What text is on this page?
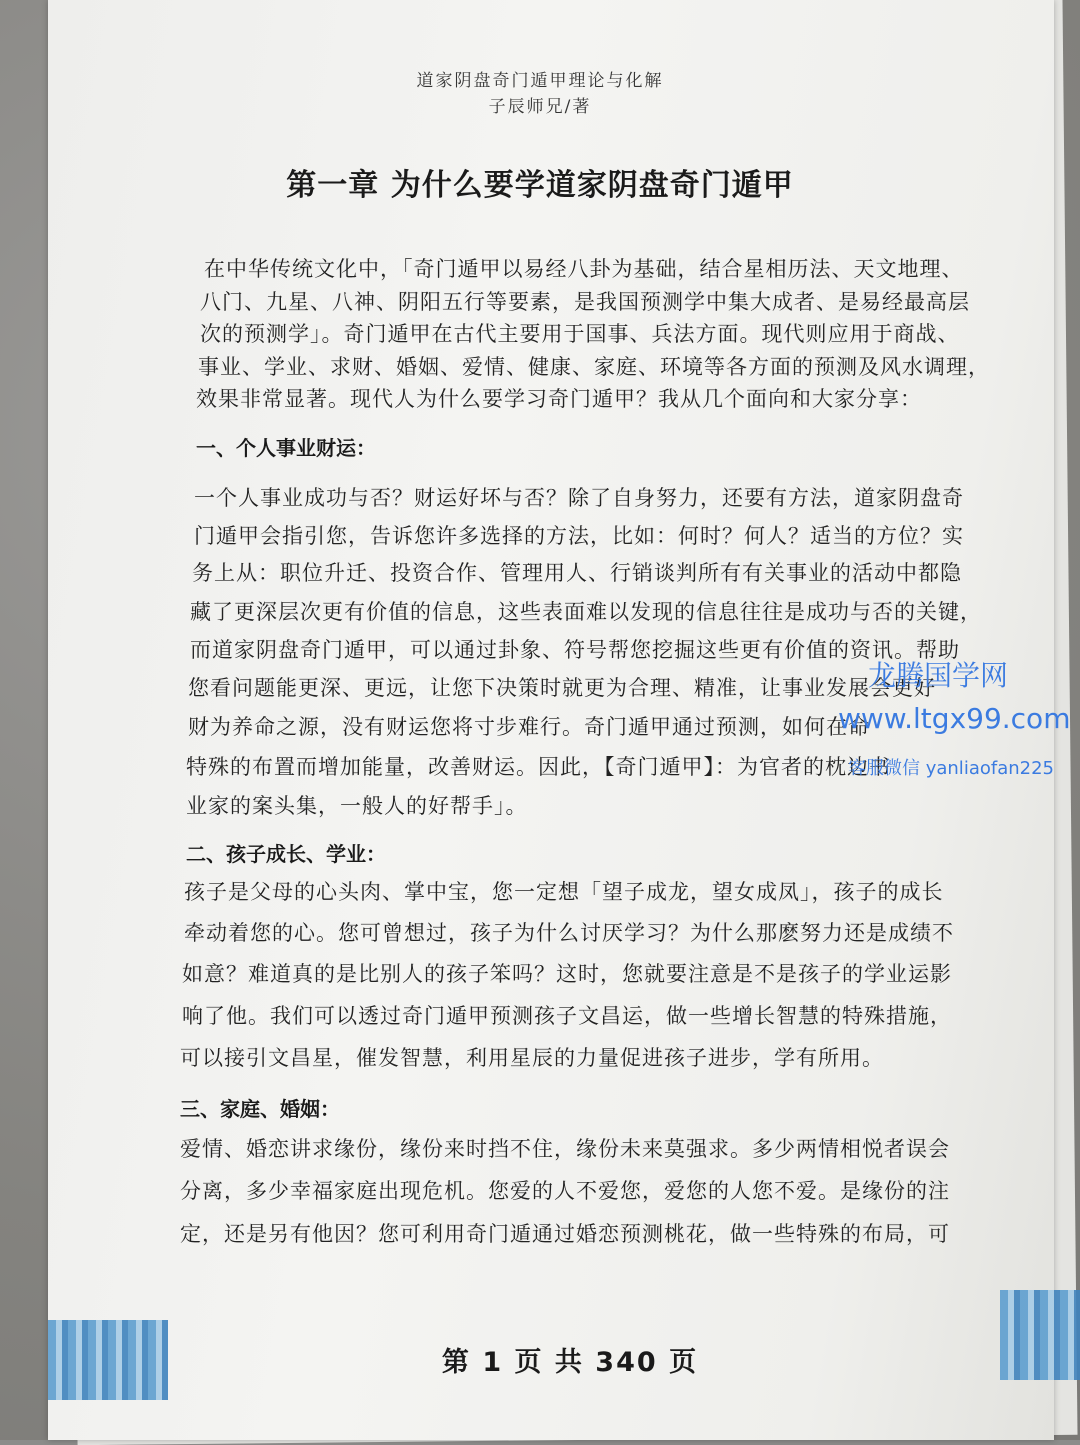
道家阴盘奇门遁甲理论与化解
子辰师兄/著
第一章 为什么要学道家阴盘奇门遁甲
在中华传统文化中，「奇门遁甲以易经八卦为基础，结合星相历法、天文地理、
八门、九星、八神、阴阳五行等要素，是我国预测学中集大成者、是易经最高层
次的预测学」。奇门遁甲在古代主要用于国事、兵法方面。现代则应用于商战、
事业、学业、求财、婚姻、爱情、健康、家庭、环境等各方面的预测及风水调理，
效果非常显著。现代人为什么要学习奇门遁甲？我从几个面向和大家分享：
一、个人事业财运：
一个人事业成功与否？财运好坏与否？除了自身努力，还要有方法，道家阴盘奇
门遁甲会指引您，告诉您许多选择的方法，比如：何时？何人？适当的方位？实
务上从：职位升迁、投资合作、管理用人、行销谈判所有有关事业的活动中都隐
藏了更深层次更有价值的信息，这些表面难以发现的信息往往是成功与否的关键，
而道家阴盘奇门遁甲，可以通过卦象、符号帮您挖掘这些更有价值的资讯。帮助
您看问题能更深、更远，让您下决策时就更为合理、精准，让事业发展会更好
财为养命之源，没有财运您将寸步难行。奇门遁甲通过预测，如何在命
特殊的布置而增加能量，改善财运。因此，【奇门遁甲】：为官者的枕边书
业家的案头集，一般人的好帮手」。
二、孩子成长、学业：
孩子是父母的心头肉、掌中宝，您一定想「望子成龙，望女成凤」，孩子的成长
牵动着您的心。您可曾想过，孩子为什么讨厌学习？为什么那麽努力还是成绩不
如意？难道真的是比别人的孩子笨吗？这时，您就要注意是不是孩子的学业运影
响了他。我们可以透过奇门遁甲预测孩子文昌运，做一些增长智慧的特殊措施，
可以接引文昌星，催发智慧，利用星辰的力量促进孩子进步，学有所用。
三、家庭、婚姻：
爱情、婚恋讲求缘份，缘份来时挡不住，缘份未来莫强求。多少两情相悦者误会
分离，多少幸福家庭出现危机。您爱的人不爱您，爱您的人您不爱。是缘份的注
定，还是另有他因？您可利用奇门遁通过婚恋预测桃花，做一些特殊的布局，可
龙腾国学网
www.ltgx99.com
客服微信 yanliaofan225
第 1 页 共 340 页
